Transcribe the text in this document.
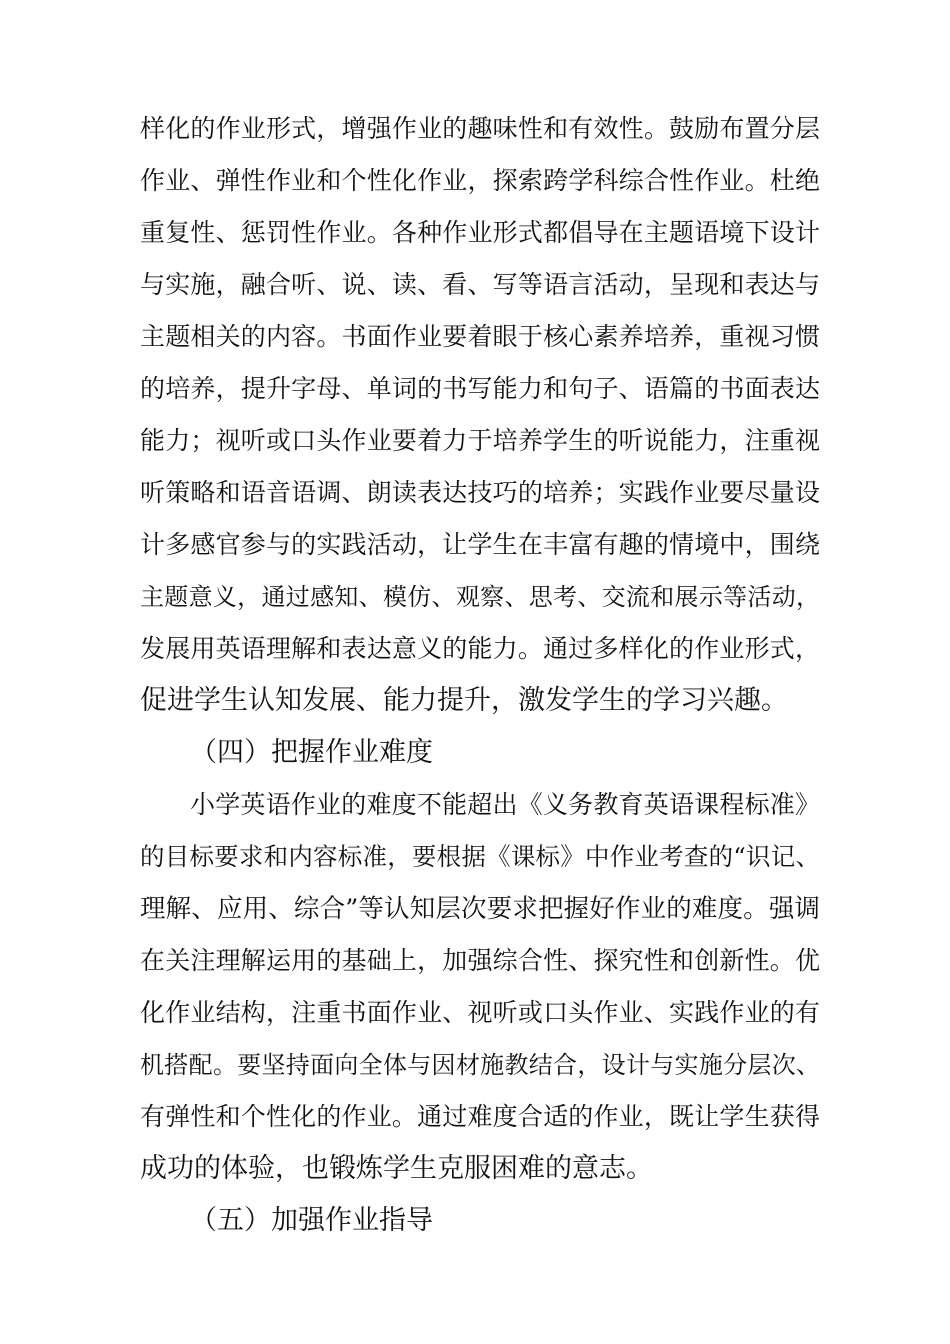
样化的作业形式，增强作业的趣味性和有效性。鼓励布置分层
作业、弹性作业和个性化作业，探索跨学科综合性作业。杜绝
重复性、惩罚性作业。各种作业形式都倡导在主题语境下设计
与实施，融合听、说、读、看、写等语言活动，呈现和表达与
主题相关的内容。书面作业要着眼于核心素养培养，重视习惯
的培养，提升字母、单词的书写能力和句子、语篇的书面表达
能力；视听或口头作业要着力于培养学生的听说能力，注重视
听策略和语音语调、朗读表达技巧的培养；实践作业要尽量设
计多感官参与的实践活动，让学生在丰富有趣的情境中，围绕
主题意义，通过感知、模仿、观察、思考、交流和展示等活动，
发展用英语理解和表达意义的能力。通过多样化的作业形式，
促进学生认知发展、能力提升，激发学生的学习兴趣。
（四）把握作业难度
小学英语作业的难度不能超出《义务教育英语课程标准》
的目标要求和内容标准，要根据《课标》中作业考查的“识记、
理解、应用、综合”等认知层次要求把握好作业的难度。强调
在关注理解运用的基础上，加强综合性、探究性和创新性。优
化作业结构，注重书面作业、视听或口头作业、实践作业的有
机搭配。要坚持面向全体与因材施教结合，设计与实施分层次、
有弹性和个性化的作业。通过难度合适的作业，既让学生获得
成功的体验，也锻炼学生克服困难的意志。
（五）加强作业指导
